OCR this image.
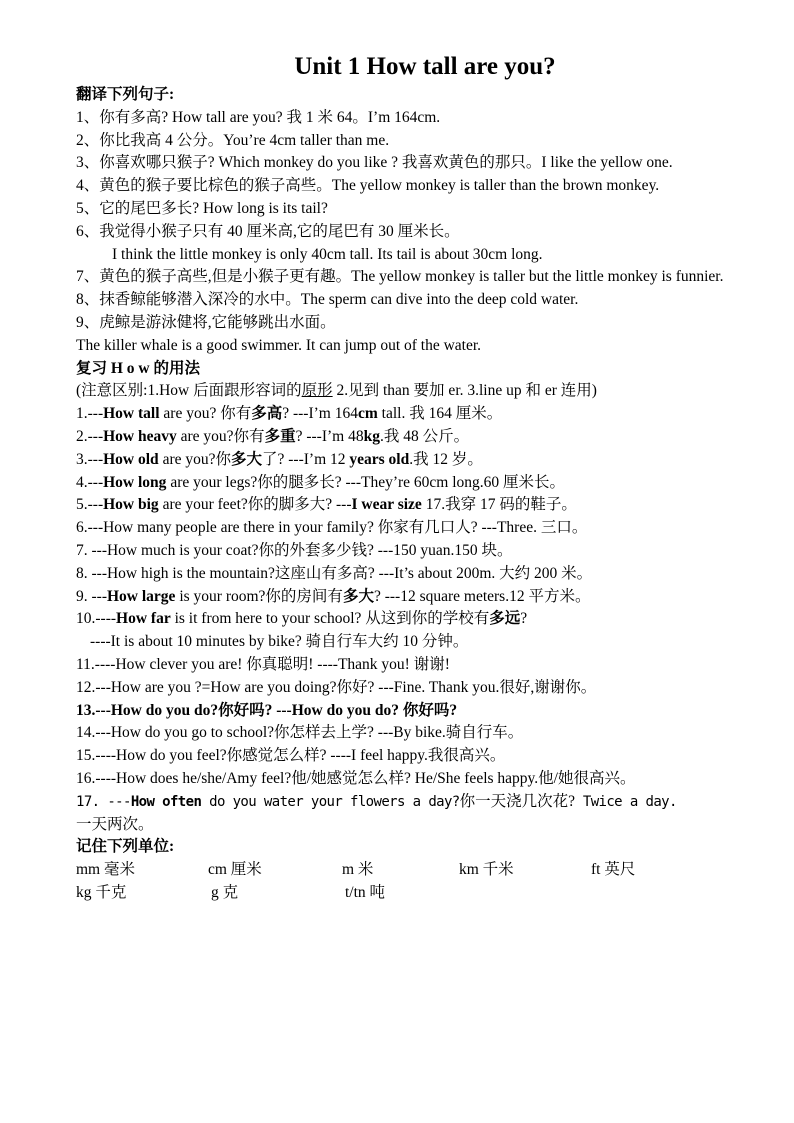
Unit 1 How tall are you?
翻译下列句子:
1、你有多高? How tall are you? 我 1 米 64。I’m 164cm.
2、你比我高 4 公分。You’re 4cm taller than me.
3、你喜欢哪只猴子? Which monkey do you like ? 我喜欢黄色的那只。I like the yellow one.
4、黄色的猴子要比棕色的猴子高些。The yellow monkey is taller than the brown monkey.
5、它的尾巴多长? How long is its tail?
6、我觉得小猴子只有 40 厘米高,它的尾巴有 30 厘米长。
I think the little monkey is only 40cm tall. Its tail is about 30cm long.
7、黄色的猴子高些,但是小猴子更有趣。The yellow monkey is taller but the little monkey is funnier.
8、抹香鲸能够潜入深冷的水中。The sperm can dive into the deep cold water.
9、虎鲸是游泳健将,它能够跳出水面。
The killer whale is a good swimmer. It can jump out of the water.
复习 H o w 的用法
(注意区别:1.How 后面跟形容词的原形 2.见到 than 要加 er. 3.line up 和 er 连用)
1.---How tall are you? 你有多高? ---I’m 164cm tall. 我 164 厘米。
2.---How heavy are you?你有多重? ---I’m 48kg.我 48 公斤。
3.---How old are you?你多大了? ---I’m 12 years old.我 12 岁。
4.---How long are your legs?你的腿多长? ---They’re 60cm long.60 厘米长。
5.---How big are your feet?你的脚多大? ---I wear size 17.我穿 17 码的鞋子。
6.---How many people are there in your family? 你家有几口人? ---Three. 三口。
7. ---How much is your coat?你的外套多少钱? ---150 yuan.150 块。
8. ---How high is the mountain?这座山有多高? ---It’s about 200m. 大约 200 米。
9. ---How large is your room?你的房间有多大? ---12 square meters.12 平方米。
10.----How far is it from here to your school? 从这到你的学校有多远?
----It is about 10 minutes by bike? 骑自行车大约 10 分钟。
11.----How clever you are! 你真聪明! ----Thank you! 谢谢!
12.---How are you ?=How are you doing?你好? ---Fine. Thank you.很好,谢谢你。
13.---How do you do?你好吗? ---How do you do? 你好吗?
14.---How do you go to school?你怎样去上学? ---By bike.骑自行车。
15.----How do you feel?你感觉怎么样? ----I feel happy.我很高兴。
16.----How does he/she/Amy feel?他/她感觉怎么样? He/She feels happy.他/她很高兴。
17. ---How often do you water your flowers a day?你一天浇几次花? Twice a day.
一天两次。
记住下列单位:
mm 毫米	cm 厘米	m 米	km 千米	ft 英尺
kg 千克	g 克	t/tn 吨
